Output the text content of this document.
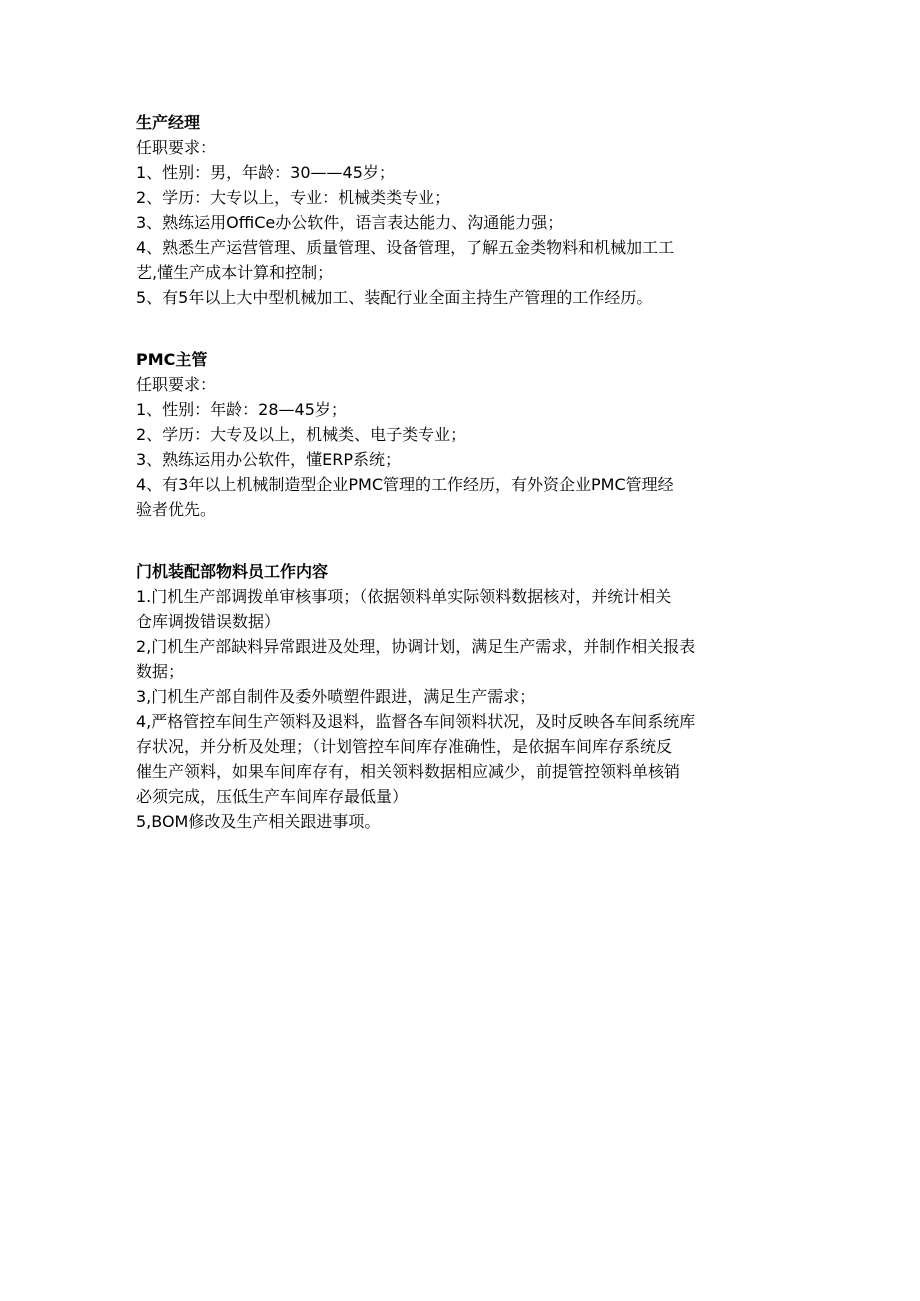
生产经理
任职要求：
1、性别：男，年龄：30——45岁；
2、学历：大专以上，专业：机械类类专业；
3、熟练运用OffiCe办公软件，语言表达能力、沟通能力强；
4、熟悉生产运营管理、质量管理、设备管理，了解五金类物料和机械加工工
艺,懂生产成本计算和控制；
5、有5年以上大中型机械加工、装配行业全面主持生产管理的工作经历。
PMC主管
任职要求：
1、性别：年龄：28—45岁；
2、学历：大专及以上，机械类、电子类专业；
3、熟练运用办公软件，懂ERP系统；
4、有3年以上机械制造型企业PMC管理的工作经历，有外资企业PMC管理经
验者优先。
门机装配部物料员工作内容
1.门机生产部调拨单审核事项；（依据领料单实际领料数据核对，并统计相关
仓库调拨错误数据）
2,门机生产部缺料异常跟进及处理，协调计划，满足生产需求，并制作相关报表
数据；
3,门机生产部自制件及委外喷塑件跟进，满足生产需求；
4,严格管控车间生产领料及退料，监督各车间领料状况，及时反映各车间系统库
存状况，并分析及处理；（计划管控车间库存准确性，是依据车间库存系统反
催生产领料，如果车间库存有，相关领料数据相应减少，前提管控领料单核销
必须完成，压低生产车间库存最低量）
5,BOM修改及生产相关跟进事项。
